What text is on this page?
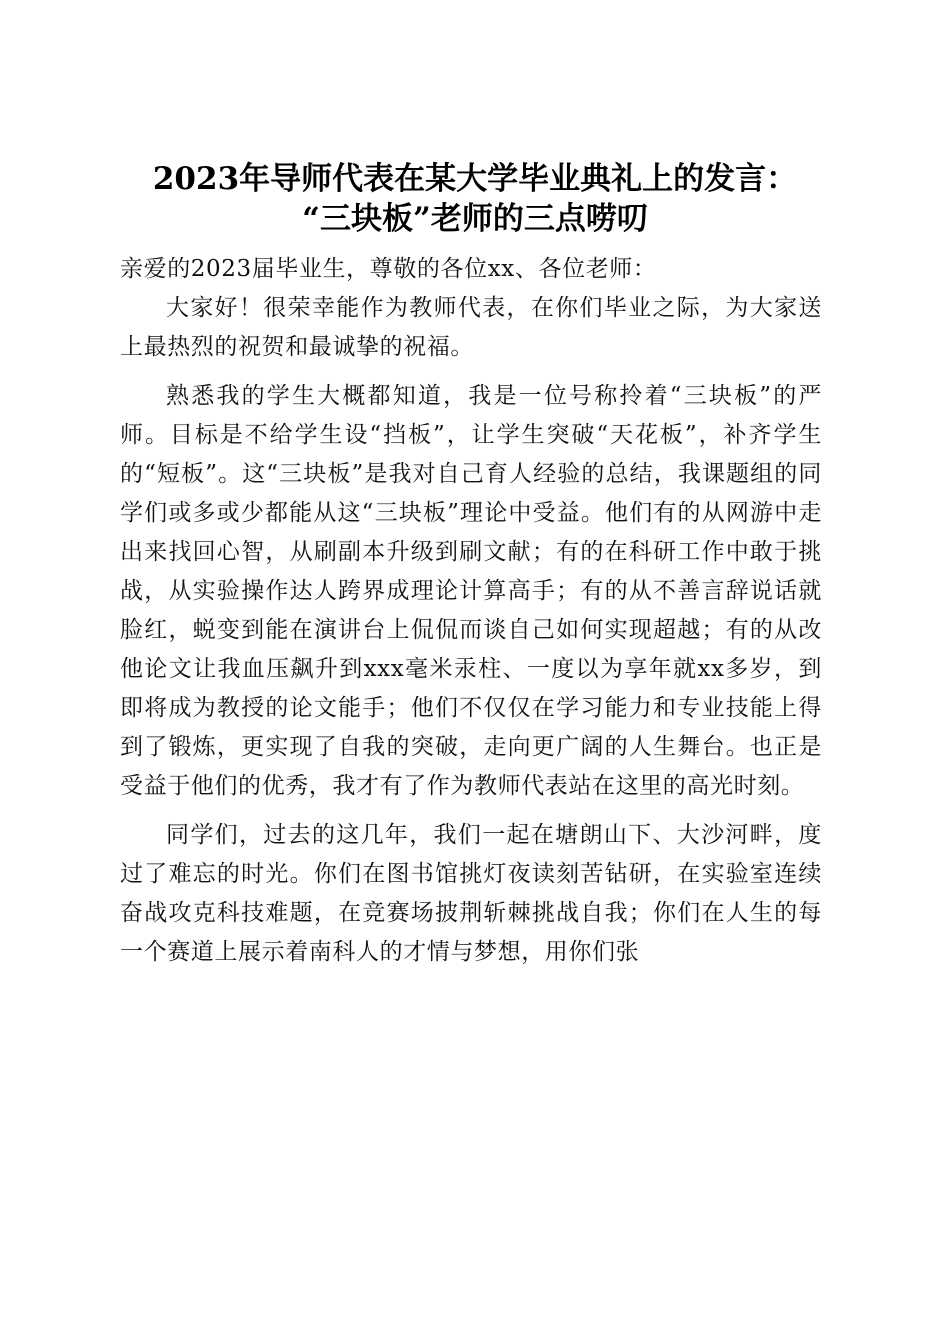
2023年导师代表在某大学毕业典礼上的发言：
“三块板”老师的三点唠叨

亲爱的2023届毕业生，尊敬的各位xx、各位老师：

大家好！很荣幸能作为教师代表，在你们毕业之际，为大家送上最热烈的祝贺和最诚挚的祝福。

熟悉我的学生大概都知道，我是一位号称拎着“三块板”的严师。目标是不给学生设“挡板”，让学生突破“天花板”，补齐学生的“短板”。这“三块板”是我对自己育人经验的总结，我课题组的同学们或多或少都能从这“三块板”理论中受益。他们有的从网游中走出来找回心智，从刷副本升级到刷文献；有的在科研工作中敢于挑战，从实验操作达人跨界成理论计算高手；有的从不善言辞说话就脸红，蜕变到能在演讲台上侃侃而谈自己如何实现超越；有的从改他论文让我血压飙升到xxx毫米汞柱、一度以为享年就xx多岁，到即将成为教授的论文能手；他们不仅仅在学习能力和专业技能上得到了锻炼，更实现了自我的突破，走向更广阔的人生舞台。也正是受益于他们的优秀，我才有了作为教师代表站在这里的高光时刻。

同学们，过去的这几年，我们一起在塘朗山下、大沙河畔，度过了难忘的时光。你们在图书馆挑灯夜读刻苦钻研，在实验室连续奋战攻克科技难题，在竞赛场披荆斩棘挑战自我；你们在人生的每一个赛道上展示着南科人的才情与梦想，用你们张
